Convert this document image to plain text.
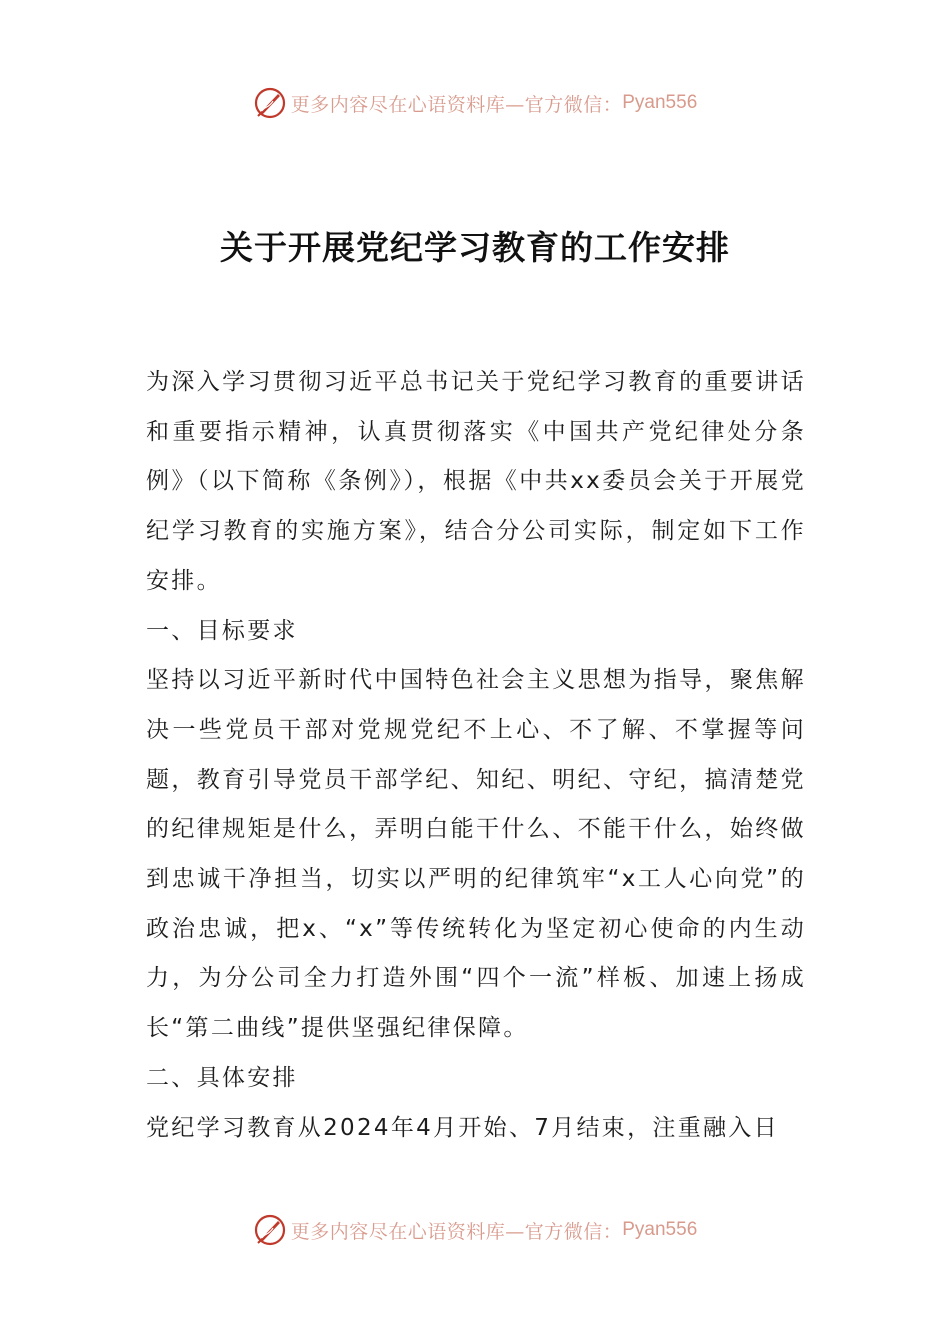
更多内容尽在心语资料库—官方微信： Pyan556
关于开展党纪学习教育的工作安排

为深入学习贯彻习近平总书记关于党纪学习教育的重要讲话和重要指示精神，认真贯彻落实《中国共产党纪律处分条例》（以下简称《条例》），根据《中共xx委员会关于开展党纪学习教育的实施方案》，结合分公司实际，制定如下工作安排。

一、目标要求

坚持以习近平新时代中国特色社会主义思想为指导，聚焦解决一些党员干部对党规党纪不上心、不了解、不掌握等问题，教育引导党员干部学纪、知纪、明纪、守纪，搞清楚党的纪律规矩是什么，弄明白能干什么、不能干什么，始终做到忠诚干净担当，切实以严明的纪律筑牢“x工人心向党”的政治忠诚，把x、“x”等传统转化为坚定初心使命的内生动力，为分公司全力打造外围“四个一流”样板、加速上扬成长“第二曲线”提供坚强纪律保障。

二、具体安排

党纪学习教育从2024年4月开始、7月结束，注重融入日

更多内容尽在心语资料库—官方微信： Pyan556
